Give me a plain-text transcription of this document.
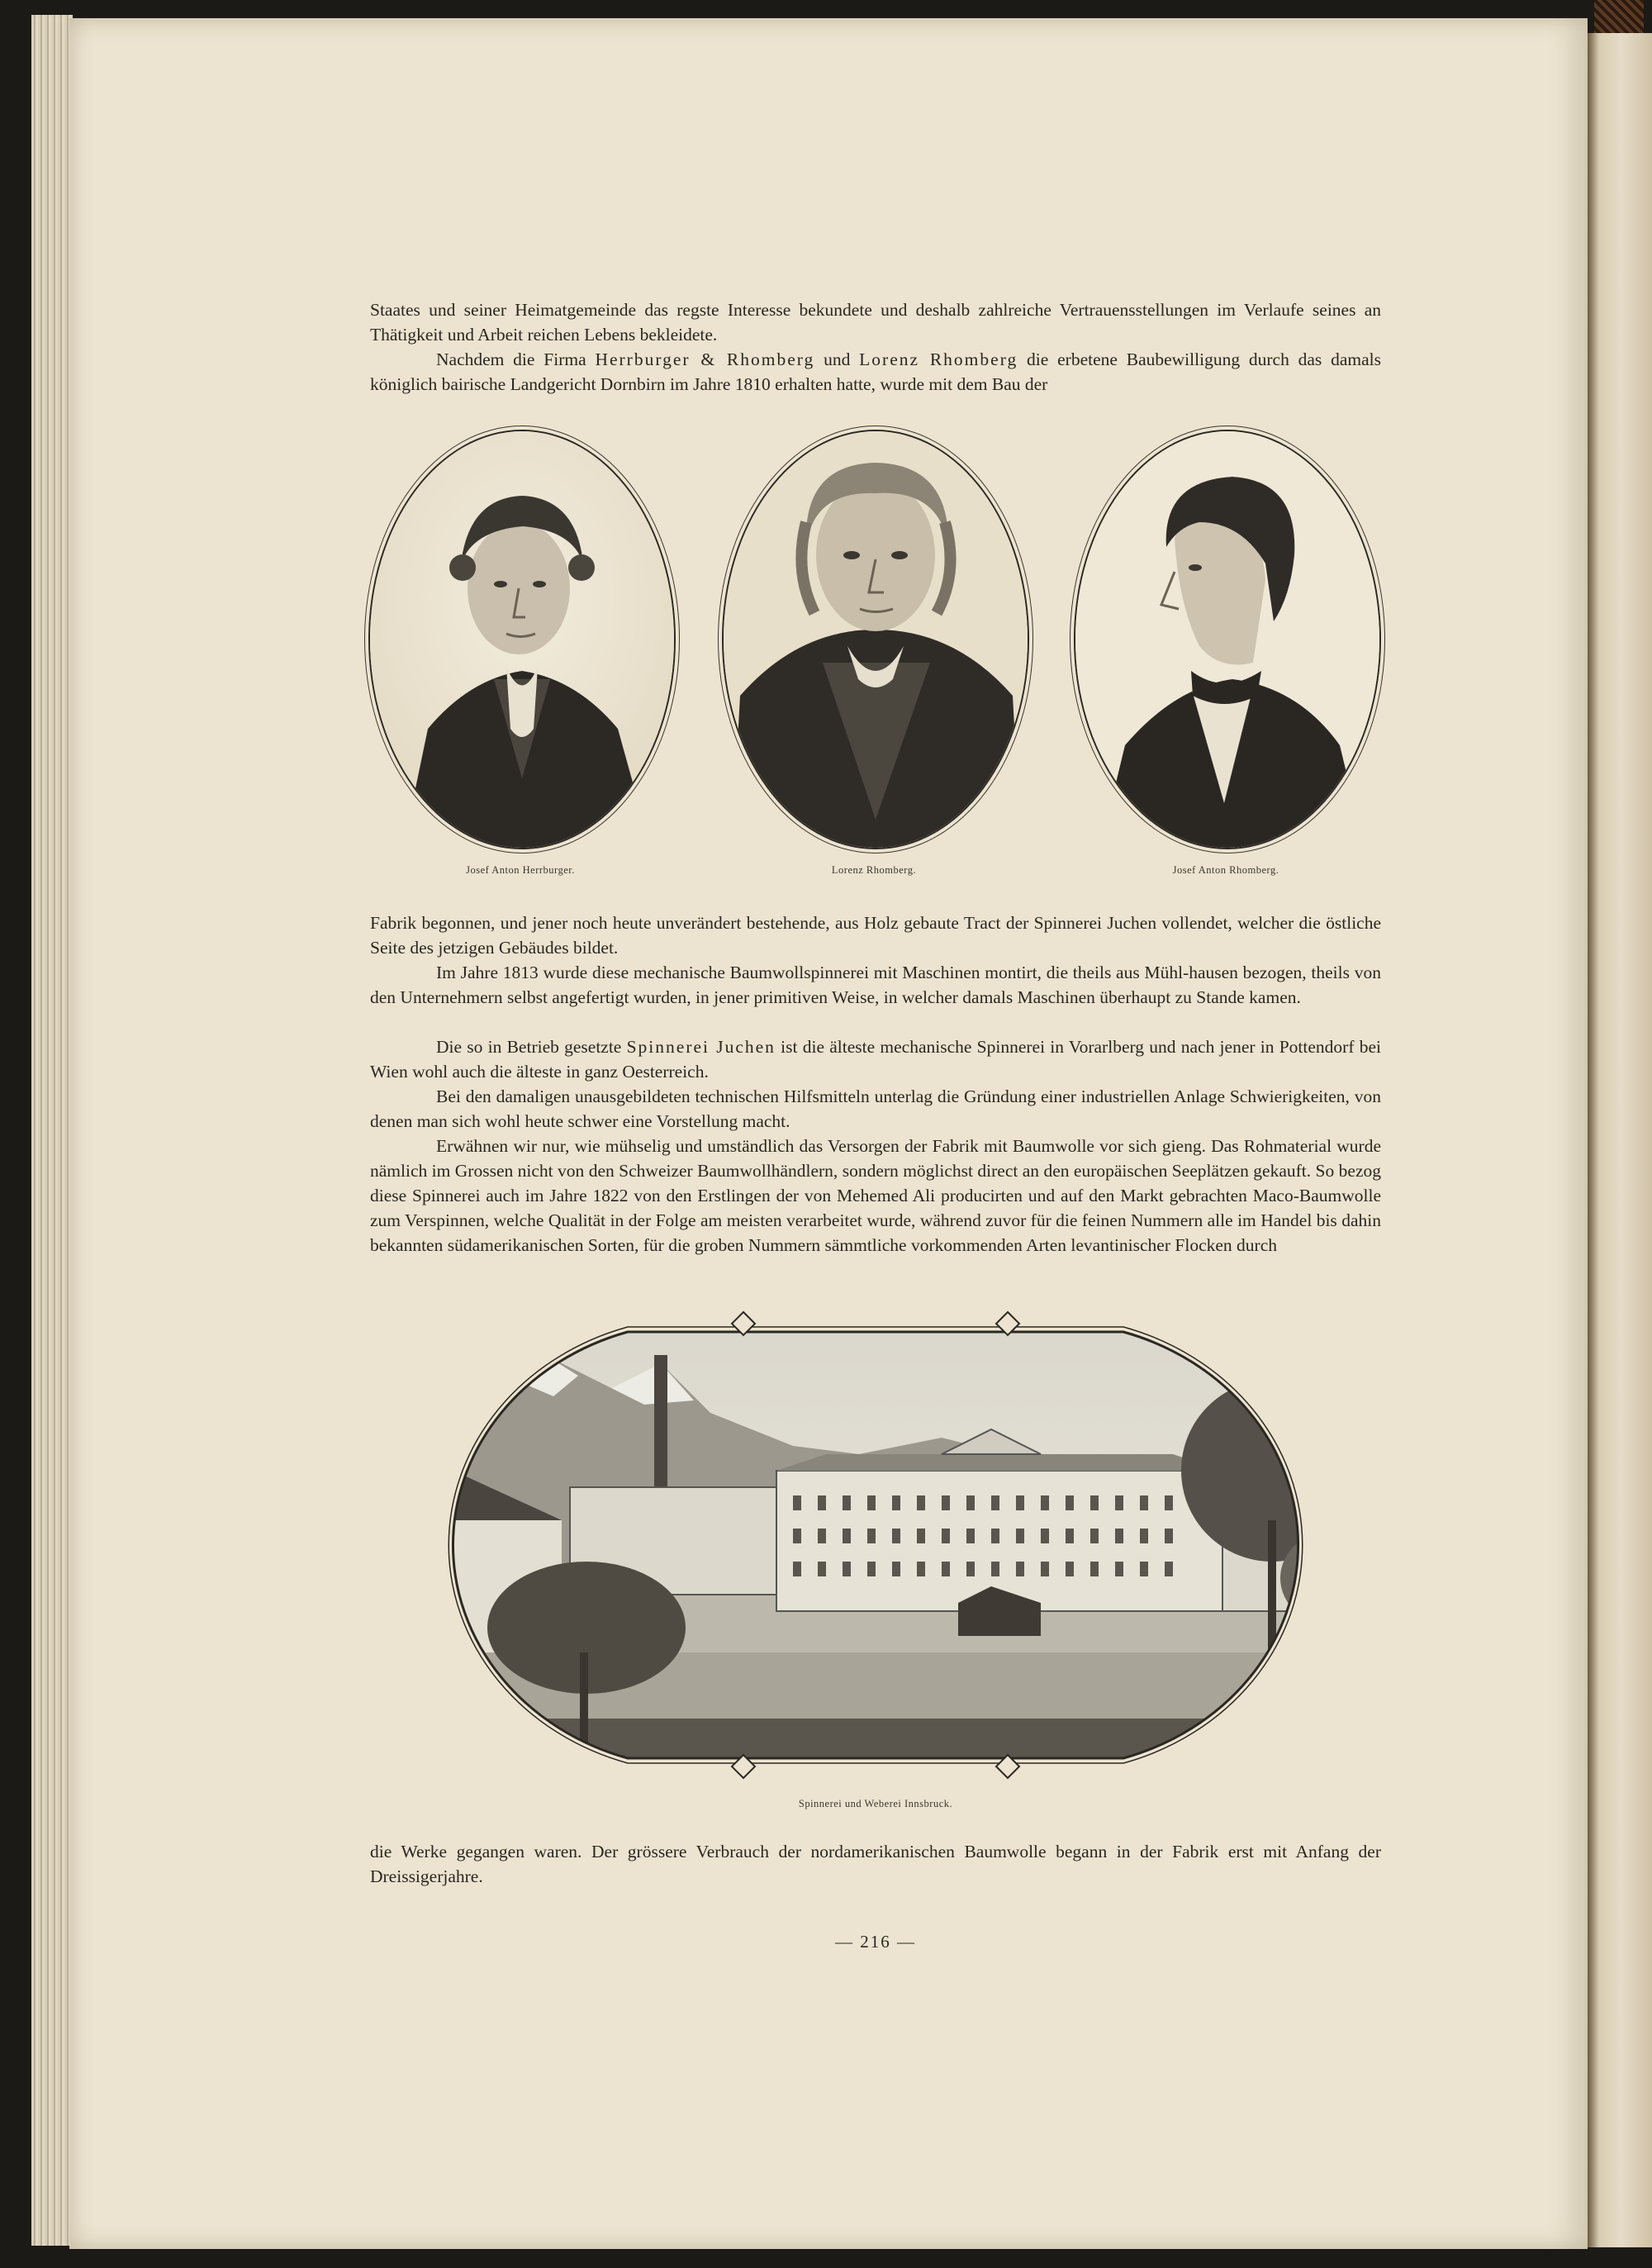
Staates und seiner Heimatgemeinde das regste Interesse bekundete und deshalb zahlreiche Vertrauensstellungen im Verlaufe seines an Thätigkeit und Arbeit reichen Lebens bekleidete.

Nachdem die Firma Herrburger & Rhomberg und Lorenz Rhomberg die erbetene Baubewilligung durch das damals königlich bairische Landgericht Dornbirn im Jahre 1810 erhalten hatte, wurde mit dem Bau der

Josef Anton Herrburger.	Lorenz Rhomberg.	Josef Anton Rhomberg.

Fabrik begonnen, und jener noch heute unverändert bestehende, aus Holz gebaute Tract der Spinnerei Juchen vollendet, welcher die östliche Seite des jetzigen Gebäudes bildet.

Im Jahre 1813 wurde diese mechanische Baumwollspinnerei mit Maschinen montirt, die theils aus Mühl-hausen bezogen, theils von den Unternehmern selbst angefertigt wurden, in jener primitiven Weise, in welcher damals Maschinen überhaupt zu Stande kamen.

Die so in Betrieb gesetzte Spinnerei Juchen ist die älteste mechanische Spinnerei in Vorarlberg und nach jener in Pottendorf bei Wien wohl auch die älteste in ganz Oesterreich.

Bei den damaligen unausgebildeten technischen Hilfsmitteln unterlag die Gründung einer industriellen Anlage Schwierigkeiten, von denen man sich wohl heute schwer eine Vorstellung macht.

Erwähnen wir nur, wie mühselig und umständlich das Versorgen der Fabrik mit Baumwolle vor sich gieng. Das Rohmaterial wurde nämlich im Grossen nicht von den Schweizer Baumwollhändlern, sondern möglichst direct an den europäischen Seeplätzen gekauft. So bezog diese Spinnerei auch im Jahre 1822 von den Erstlingen der von Mehemed Ali producirten und auf den Markt gebrachten Maco-Baumwolle zum Verspinnen, welche Qualität in der Folge am meisten verarbeitet wurde, während zuvor für die feinen Nummern alle im Handel bis dahin bekannten südamerikanischen Sorten, für die groben Nummern sämmtliche vorkommenden Arten levantinischer Flocken durch

Spinnerei und Weberei Innsbruck.

die Werke gegangen waren. Der grössere Verbrauch der nordamerikanischen Baumwolle begann in der Fabrik erst mit Anfang der Dreissigerjahre.

— 216 —
